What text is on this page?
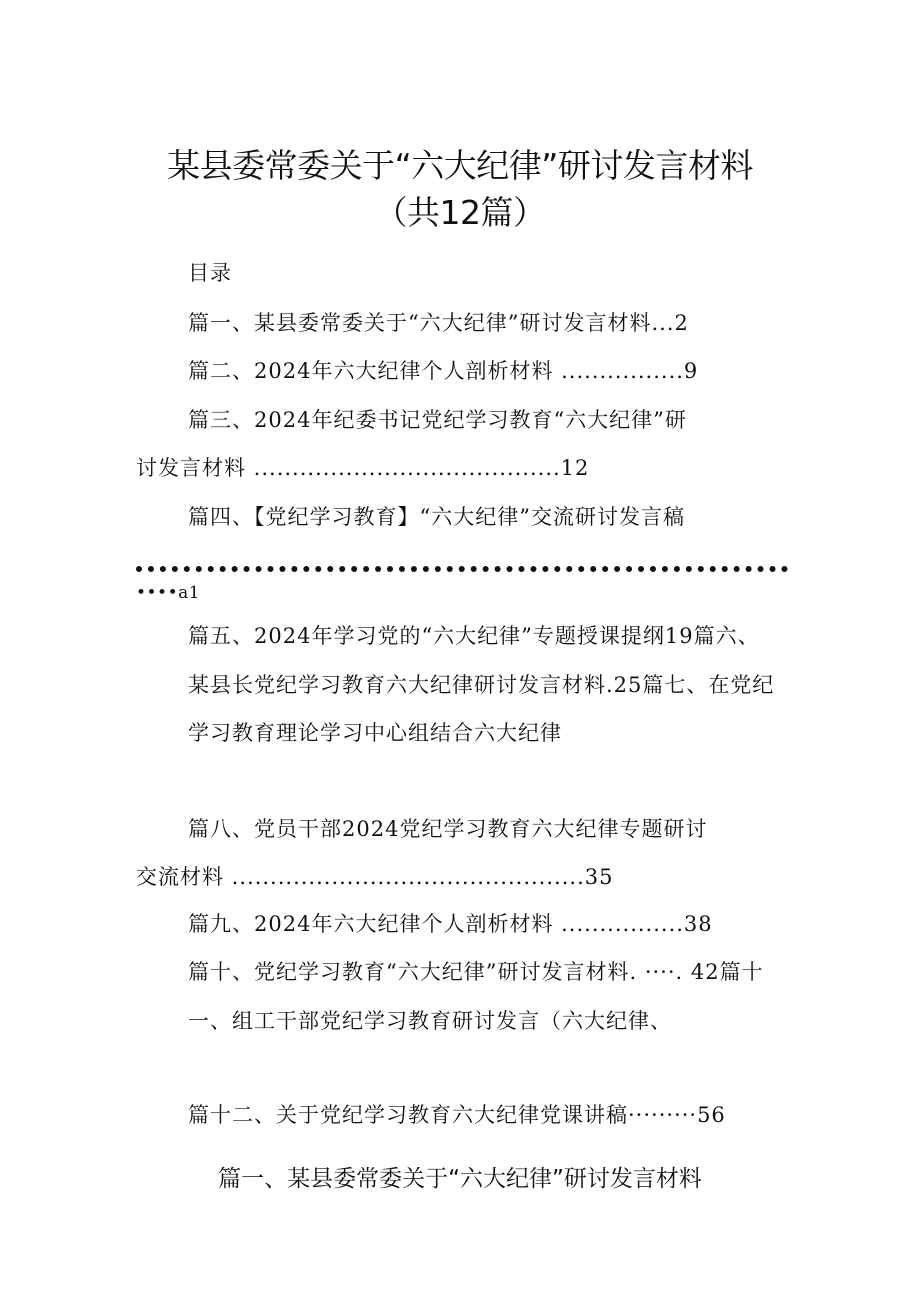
某县委常委关于“六大纪律”研讨发言材料
（共12篇）
目录
篇一、某县委常委关于“六大纪律”研讨发言材料...2
篇二、2024年六大纪律个人剖析材料 ................9
篇三、2024年纪委书记党纪学习教育“六大纪律”研
讨发言材料 ........................................12
篇四、【党纪学习教育】“六大纪律”交流研讨发言稿
••••a1
篇五、2024年学习党的“六大纪律”专题授课提纲19篇六、
某县长党纪学习教育六大纪律研讨发言材料.25篇七、在党纪
学习教育理论学习中心组结合六大纪律
篇八、党员干部2024党纪学习教育六大纪律专题研讨
交流材料 ..............................................35
篇九、2024年六大纪律个人剖析材料 ................38
篇十、党纪学习教育“六大纪律”研讨发言材料. ····. 42篇十
一、组工干部党纪学习教育研讨发言（六大纪律、
篇十二、关于党纪学习教育六大纪律党课讲稿·········56
篇一、某县委常委关于“六大纪律”研讨发言材料
